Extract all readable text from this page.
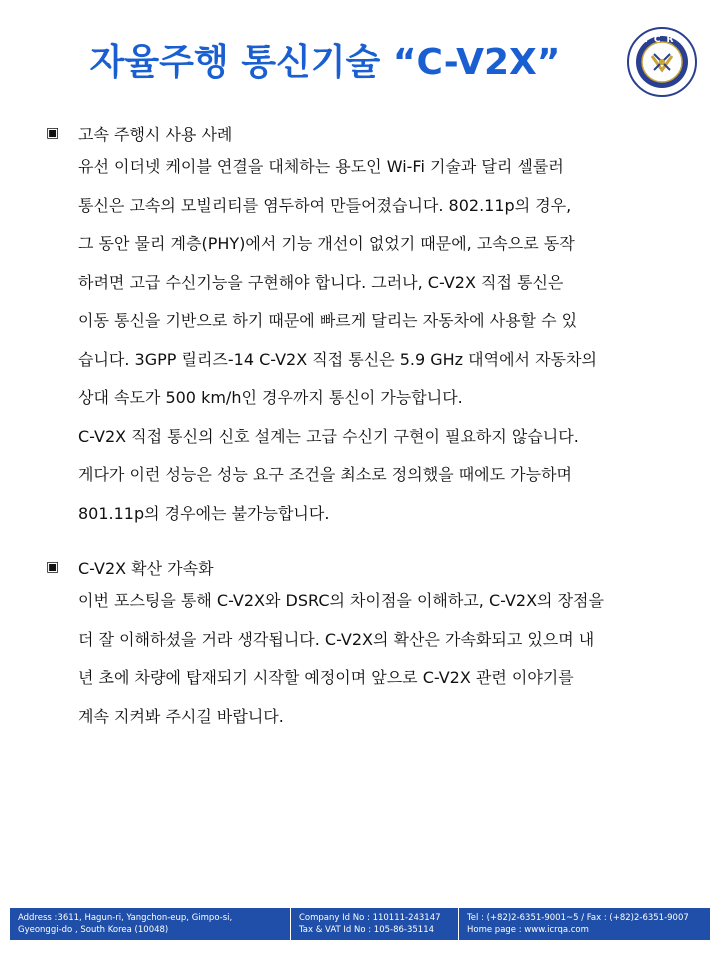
자율주행 통신기술 “C-V2X”
ICR
▣ 고속 주행시 사용 사례

유선 이더넷 케이블 연결을 대체하는 용도인 Wi-Fi 기술과 달리 셀룰러

통신은 고속의 모빌리티를 염두하여 만들어졌습니다. 802.11p의 경우,

그 동안 물리 계층(PHY)에서 기능 개선이 없었기 때문에, 고속으로 동작

하려면 고급 수신기능을 구현해야 합니다. 그러나, C-V2X 직접 통신은

이동 통신을 기반으로 하기 때문에 빠르게 달리는 자동차에 사용할 수 있

습니다. 3GPP 릴리즈-14 C-V2X 직접 통신은 5.9 GHz 대역에서 자동차의

상대 속도가 500 km/h인 경우까지 통신이 가능합니다.

C-V2X 직접 통신의 신호 설계는 고급 수신기 구현이 필요하지 않습니다.

게다가 이런 성능은 성능 요구 조건을 최소로 정의했을 때에도 가능하며

801.11p의 경우에는 불가능합니다.

▣ C-V2X 확산 가속화

이번 포스팅을 통해 C-V2X와 DSRC의 차이점을 이해하고, C-V2X의 장점을

더 잘 이해하셨을 거라 생각됩니다. C-V2X의 확산은 가속화되고 있으며 내

년 초에 차량에 탑재되기 시작할 예정이며 앞으로 C-V2X 관련 이야기를

계속 지켜봐 주시길 바랍니다.

Address :3611, Hagun-ri, Yangchon-eup, Gimpo-si,
Gyeonggi-do , South Korea (10048)
Company Id No : 110111-243147
Tax & VAT Id No : 105-86-35114
Tel : (+82)2-6351-9001~5 / Fax : (+82)2-6351-9007
Home page : www.icrqa.com
